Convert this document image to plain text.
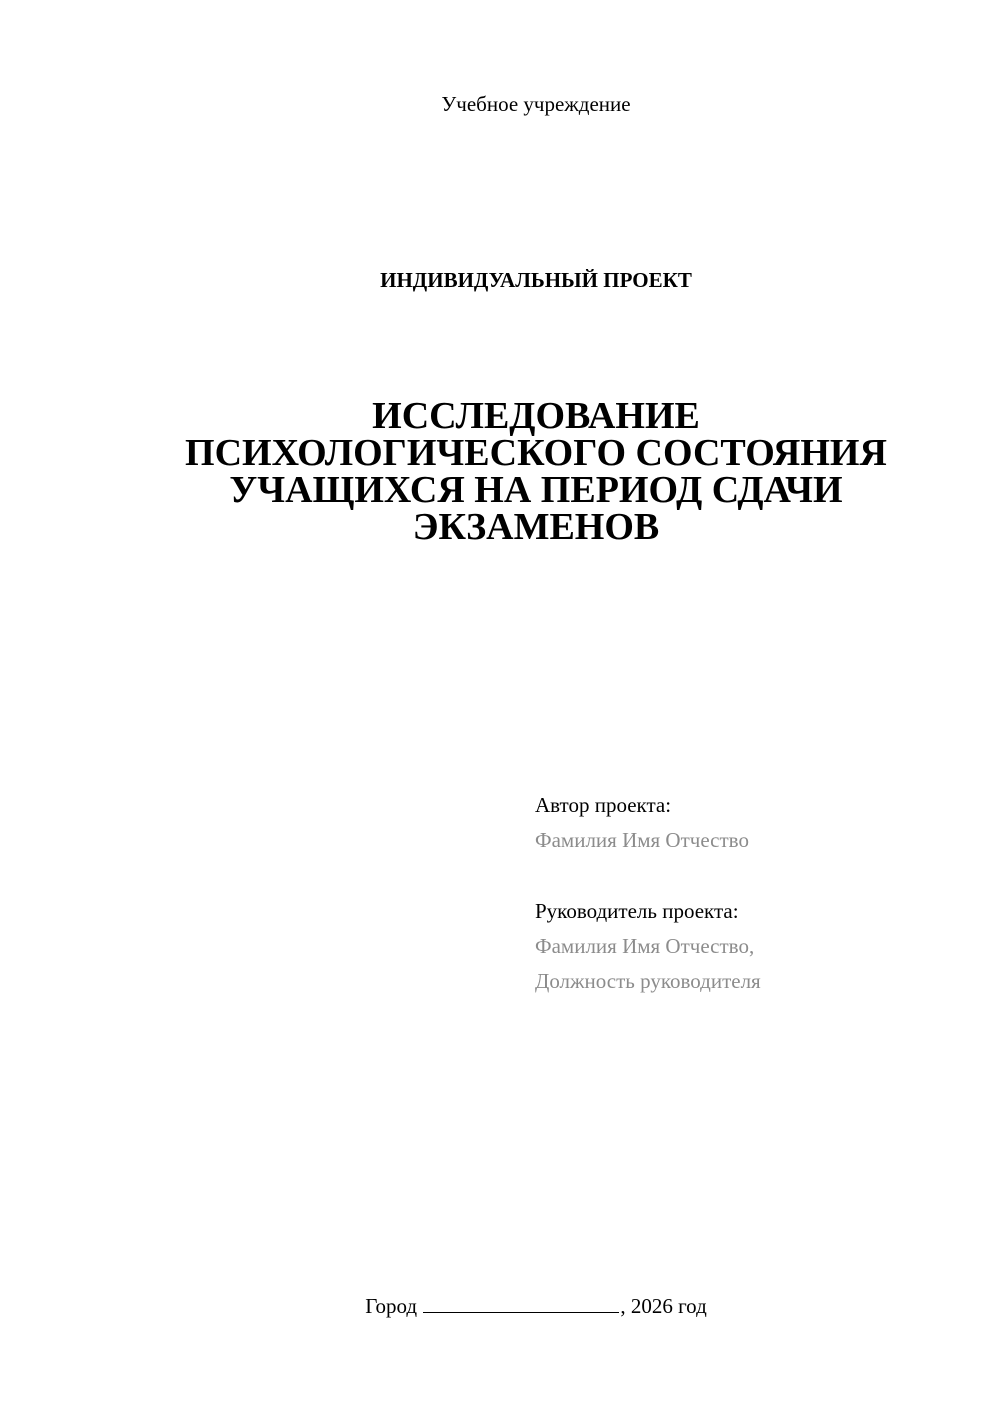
Учебное учреждение
ИНДИВИДУАЛЬНЫЙ ПРОЕКТ
ИССЛЕДОВАНИЕ
ПСИХОЛОГИЧЕСКОГО СОСТОЯНИЯ
УЧАЩИХСЯ НА ПЕРИОД СДАЧИ
ЭКЗАМЕНОВ
Автор проекта:
Фамилия Имя Отчество
Руководитель проекта:
Фамилия Имя Отчество,
Должность руководителя
Город	, 2026 год
